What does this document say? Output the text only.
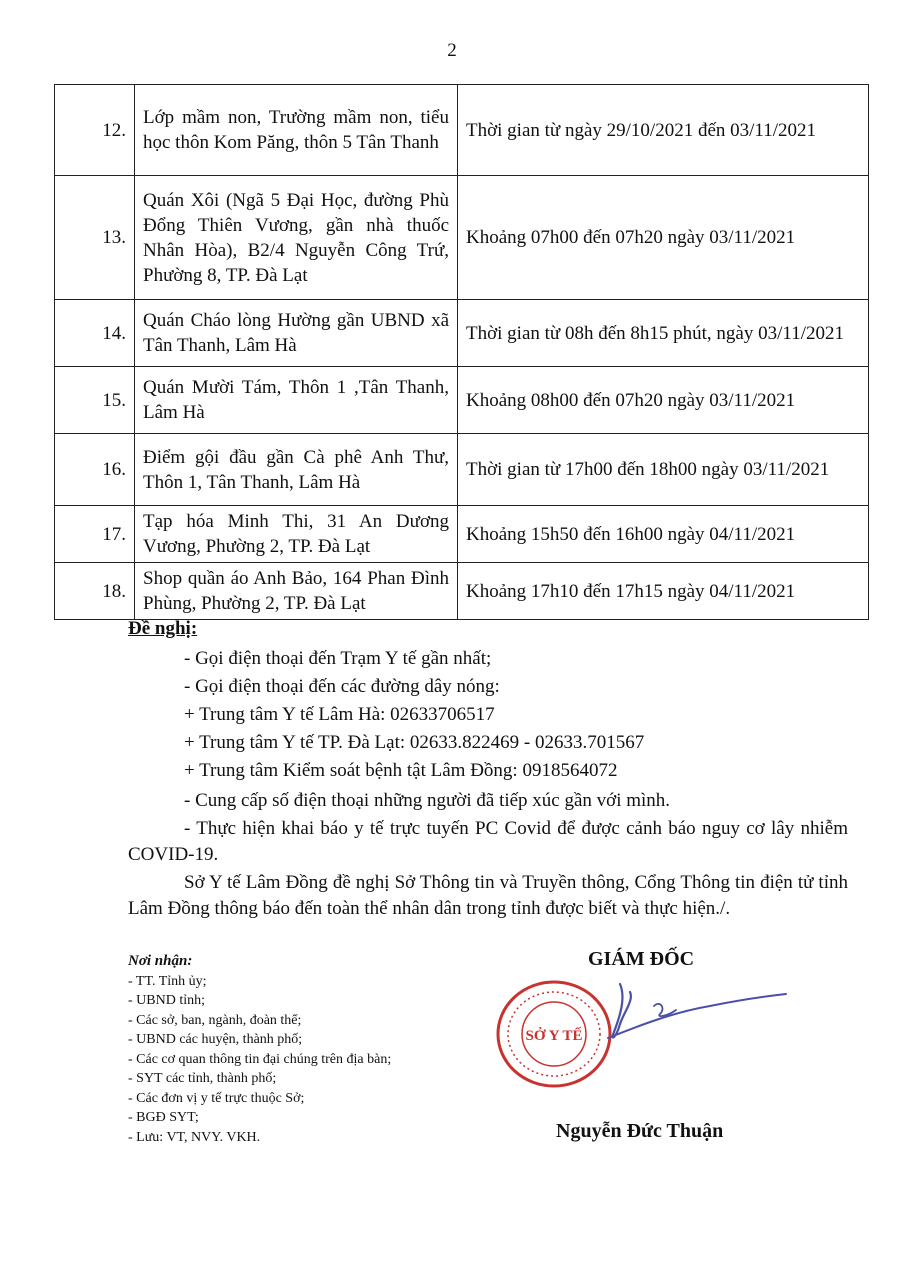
2
12.	Lớp mầm non, Trường mầm non, tiểu học thôn Kom Păng, thôn 5 Tân Thanh	Thời gian từ ngày 29/10/2021 đến 03/11/2021
13.	Quán Xôi (Ngã 5 Đại Học, đường Phù Đổng Thiên Vương, gần nhà thuốc Nhân Hòa), B2/4 Nguyễn Công Trứ, Phường 8, TP. Đà Lạt	Khoảng 07h00 đến 07h20 ngày 03/11/2021
14.	Quán Cháo lòng Hường gần UBND xã Tân Thanh, Lâm Hà	Thời gian từ 08h đến 8h15 phút, ngày 03/11/2021
15.	Quán Mười Tám, Thôn 1 ,Tân Thanh, Lâm Hà	Khoảng 08h00 đến 07h20 ngày 03/11/2021
16.	Điểm gội đầu gần Cà phê Anh Thư, Thôn 1, Tân Thanh, Lâm Hà	Thời gian từ 17h00 đến 18h00 ngày 03/11/2021
17.	Tạp hóa Minh Thi, 31 An Dương Vương, Phường 2, TP. Đà Lạt	Khoảng 15h50 đến 16h00 ngày 04/11/2021
18.	Shop quần áo Anh Bảo, 164 Phan Đình Phùng, Phường 2, TP. Đà Lạt	Khoảng 17h10 đến 17h15 ngày 04/11/2021
Đề nghị:
- Gọi điện thoại đến Trạm Y tế gần nhất;
- Gọi điện thoại đến các đường dây nóng:
+ Trung tâm Y tế Lâm Hà: 02633706517
+ Trung tâm Y tế TP. Đà Lạt: 02633.822469 - 02633.701567
+ Trung tâm Kiểm soát bệnh tật Lâm Đồng: 0918564072
- Cung cấp số điện thoại những người đã tiếp xúc gần với mình.
- Thực hiện khai báo y tế trực tuyến PC Covid để được cảnh báo nguy cơ lây nhiễm COVID-19.
Sở Y tế Lâm Đồng đề nghị Sở Thông tin và Truyền thông, Cổng Thông tin điện tử tỉnh Lâm Đồng thông báo đến toàn thể nhân dân trong tỉnh được biết và thực hiện./.
Nơi nhận:
- TT. Tỉnh ủy;
- UBND tỉnh;
- Các sở, ban, ngành, đoàn thể;
- UBND các huyện, thành phố;
- Các cơ quan thông tin đại chúng trên địa bàn;
- SYT các tỉnh, thành phố;
- Các đơn vị y tế trực thuộc Sở;
- BGĐ SYT;
- Lưu: VT, NVY. VKH.
GIÁM ĐỐC
SỞ Y TẾ
Nguyễn Đức Thuận
